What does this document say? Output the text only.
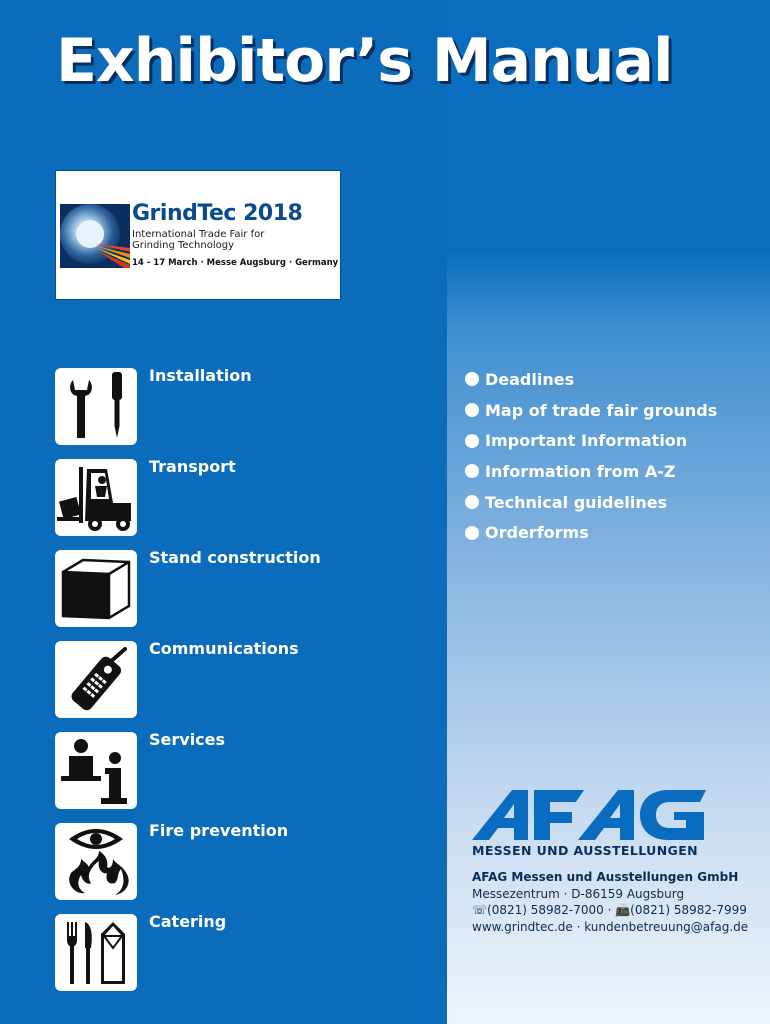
Exhibitor’s Manual
GrindTec 2018
International Trade Fair for
Grinding Technology
14 - 17 March · Messe Augsburg · Germany
Installation
Transport
Stand construction
Communications
Services
Fire prevention
Catering
Deadlines
Map of trade fair grounds
Important Information
Information from A-Z
Technical guidelines
Orderforms
MESSEN UND AUSSTELLUNGEN
AFAG Messen und Ausstellungen GmbH
Messezentrum · D-86159 Augsburg
☏(0821) 58982-7000 · 📠(0821) 58982-7999
www.grindtec.de · kundenbetreuung@afag.de
